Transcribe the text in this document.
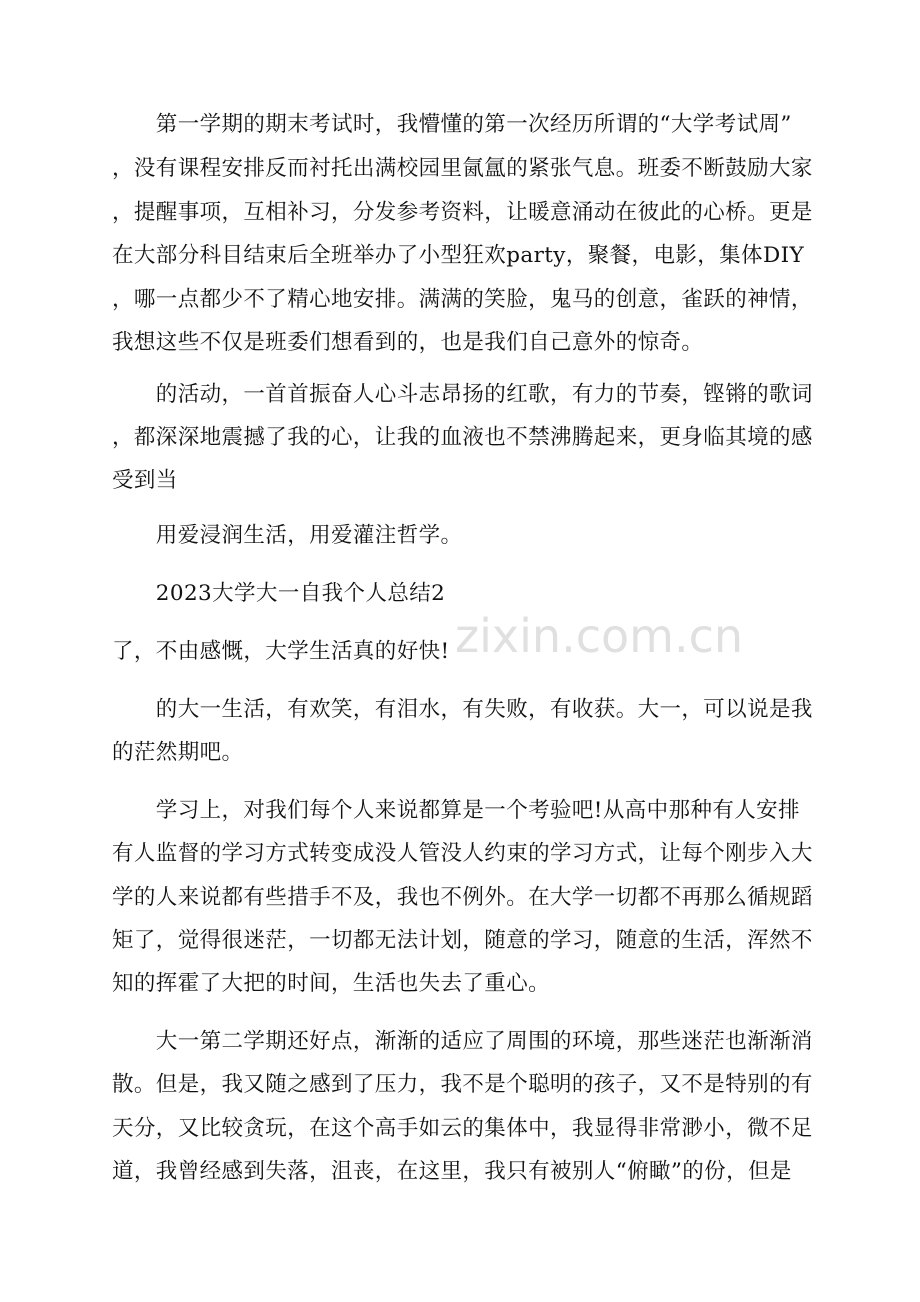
　　第一学期的期末考试时，我懵懂的第一次经历所谓的“大学考试周”
，没有课程安排反而衬托出满校园里氤氲的紧张气息。班委不断鼓励大家
，提醒事项，互相补习，分发参考资料，让暖意涌动在彼此的心桥。更是
在大部分科目结束后全班举办了小型狂欢party，聚餐，电影，集体DIY
，哪一点都少不了精心地安排。满满的笑脸，鬼马的创意，雀跃的神情，
我想这些不仅是班委们想看到的，也是我们自己意外的惊奇。
　　的活动，一首首振奋人心斗志昂扬的红歌，有力的节奏，铿锵的歌词
，都深深地震撼了我的心，让我的血液也不禁沸腾起来，更身临其境的感
受到当
　　用爱浸润生活，用爱灌注哲学。
　　2023大学大一自我个人总结2
了，不由感慨，大学生活真的好快!
　　的大一生活，有欢笑，有泪水，有失败，有收获。大一，可以说是我
的茫然期吧。
　　学习上，对我们每个人来说都算是一个考验吧!从高中那种有人安排
有人监督的学习方式转变成没人管没人约束的学习方式，让每个刚步入大
学的人来说都有些措手不及，我也不例外。在大学一切都不再那么循规蹈
矩了，觉得很迷茫，一切都无法计划，随意的学习，随意的生活，浑然不
知的挥霍了大把的时间，生活也失去了重心。
　　大一第二学期还好点，渐渐的适应了周围的环境，那些迷茫也渐渐消
散。但是，我又随之感到了压力，我不是个聪明的孩子，又不是特别的有
天分，又比较贪玩，在这个高手如云的集体中，我显得非常渺小，微不足
道，我曾经感到失落，沮丧，在这里，我只有被别人“俯瞰”的份，但是
zixin.com.cn
